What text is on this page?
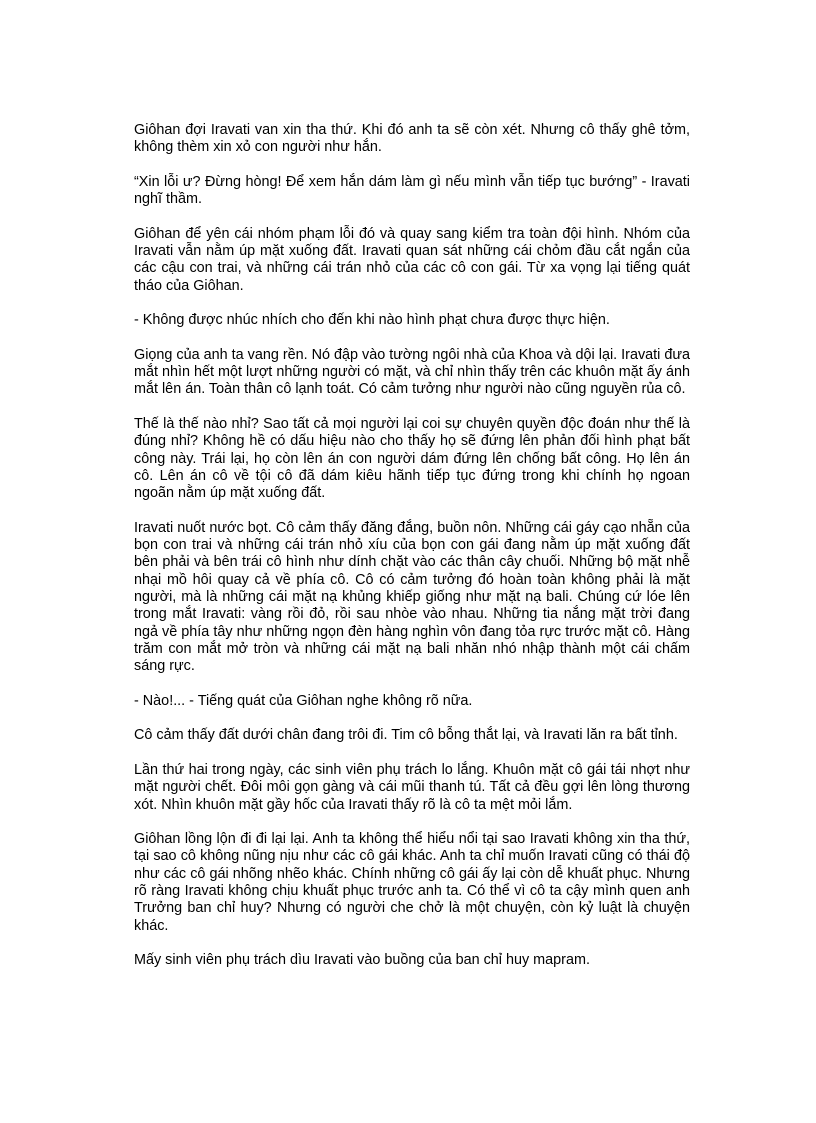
Giôhan đợi Iravati van xin tha thứ. Khi đó anh ta sẽ còn xét. Nhưng cô thấy ghê tởm, không thèm xin xỏ con người như hắn.

“Xin lỗi ư? Đừng hòng! Để xem hắn dám làm gì nếu mình vẫn tiếp tục bướng” - Iravati nghĩ thầm.

Giôhan để yên cái nhóm phạm lỗi đó và quay sang kiểm tra toàn đội hình. Nhóm của Iravati vẫn nằm úp mặt xuống đất. Iravati quan sát những cái chỏm đầu cắt ngắn của các cậu con trai, và những cái trán nhỏ của các cô con gái. Từ xa vọng lại tiếng quát tháo của Giôhan.

- Không được nhúc nhích cho đến khi nào hình phạt chưa được thực hiện.

Giọng của anh ta vang rền. Nó đập vào tường ngôi nhà của Khoa và dội lại. Iravati đưa mắt nhìn hết một lượt những người có mặt, và chỉ nhìn thấy trên các khuôn mặt ấy ánh mắt lên án. Toàn thân cô lạnh toát. Có cảm tưởng như người nào cũng nguyền rủa cô.

Thế là thế nào nhỉ? Sao tất cả mọi người lại coi sự chuyên quyền độc đoán như thế là đúng nhỉ? Không hề có dấu hiệu nào cho thấy họ sẽ đứng lên phản đối hình phạt bất công này. Trái lại, họ còn lên án con người dám đứng lên chống bất công. Họ lên án cô. Lên án cô về tội cô đã dám kiêu hãnh tiếp tục đứng trong khi chính họ ngoan ngoãn nằm úp mặt xuống đất.

Iravati nuốt nước bọt. Cô cảm thấy đăng đắng, buồn nôn. Những cái gáy cạo nhẵn của bọn con trai và những cái trán nhỏ xíu của bọn con gái đang nằm úp mặt xuống đất bên phải và bên trái cô hình như dính chặt vào các thân cây chuối. Những bộ mặt nhễ nhại mồ hôi quay cả về phía cô. Cô có cảm tưởng đó hoàn toàn không phải là mặt người, mà là những cái mặt nạ khủng khiếp giống như mặt nạ bali. Chúng cứ lóe lên trong mắt Iravati: vàng rồi đỏ, rồi sau nhòe vào nhau. Những tia nắng mặt trời đang ngả về phía tây như những ngọn đèn hàng nghìn vôn đang tỏa rực trước mặt cô. Hàng trăm con mắt mở tròn và những cái mặt nạ bali nhăn nhó nhập thành một cái chấm sáng rực.

- Nào!... - Tiếng quát của Giôhan nghe không rõ nữa.

Cô cảm thấy đất dưới chân đang trôi đi. Tim cô bỗng thắt lại, và Iravati lăn ra bất tỉnh.

Lần thứ hai trong ngày, các sinh viên phụ trách lo lắng. Khuôn mặt cô gái tái nhợt như mặt người chết. Đôi môi gọn gàng và cái mũi thanh tú. Tất cả đều gợi lên lòng thương xót. Nhìn khuôn mặt gầy hốc của Iravati thấy rõ là cô ta mệt mỏi lắm.

Giôhan lồng lộn đi đi lại lại. Anh ta không thể hiểu nổi tại sao Iravati không xin tha thứ, tại sao cô không nũng nịu như các cô gái khác. Anh ta chỉ muốn Iravati cũng có thái độ như các cô gái nhõng nhẽo khác. Chính những cô gái ấy lại còn dễ khuất phục. Nhưng rõ ràng Iravati không chịu khuất phục trước anh ta. Có thể vì cô ta cậy mình quen anh Trưởng ban chỉ huy? Nhưng có người che chở là một chuyện, còn kỷ luật là chuyện khác.

Mấy sinh viên phụ trách dìu Iravati vào buồng của ban chỉ huy mapram.
